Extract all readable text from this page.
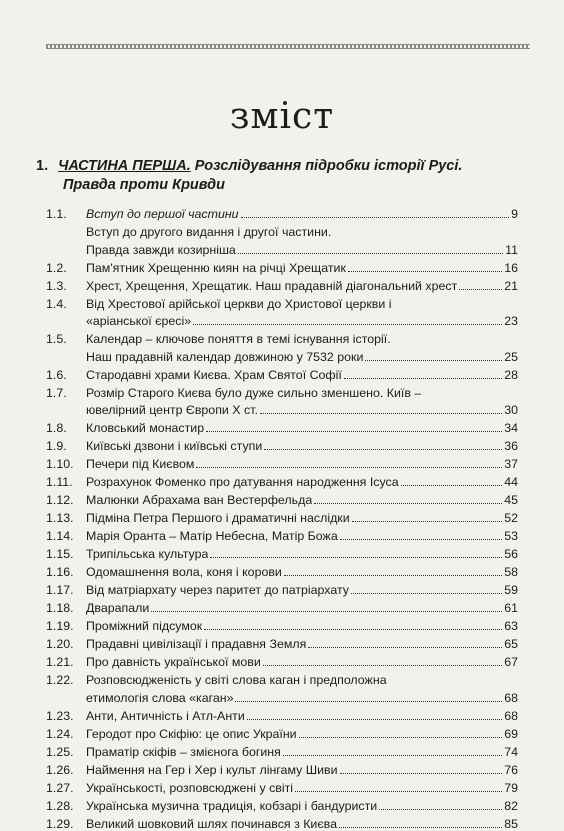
зміст
1. ЧАСТИНА ПЕРША. Розслідування підробки історії Русі.
Правда проти Кривди
1.1. Вступ до першої частини	9
Вступ до другого видання і другої частини.
Правда завжди козирніша	11
1.2. Пам'ятник Хрещенню киян на річці Хрещатик	16
1.3. Хрест, Хрещення, Хрещатик. Наш прадавній діагональний хрест	21
1.4. Від Хрестової арійської церкви до Христової церкви і
«аріанської єресі»	23
1.5. Календар – ключове поняття в темі існування історії.
Наш прадавній календар довжиною у 7532 роки	25
1.6. Стародавні храми Києва. Храм Святої Софії	28
1.7. Розмір Старого Києва було дуже сильно зменшено. Київ –
ювелірний центр Європи X ст.	30
1.8. Кловський монастир	34
1.9. Київські дзвони і київські ступи	36
1.10. Печери під Києвом	37
1.11. Розрахунок Фоменко про датування народження Ісуса	44
1.12. Малюнки Абрахама ван Вестерфельда	45
1.13. Підміна Петра Першого і драматичні наслідки	52
1.14. Марія Оранта – Матір Небесна, Матір Божа	53
1.15. Трипільська культура	56
1.16. Одомашнення вола, коня і корови	58
1.17. Від матріархату через паритет до патріархату	59
1.18. Дварапали	61
1.19. Проміжний підсумок	63
1.20. Прадавні цивілізації і прадавня Земля	65
1.21. Про давність української мови	67
1.22. Розповсюдженість у світі слова каган і предположна
етимологія слова «каган»	68
1.23. Анти, Античність і Атл-Анти	68
1.24. Геродот про Скіфію: це опис України	69
1.25. Праматір скіфів – змієнога богиня	74
1.26. Наймення на Гер і Хер і культ лінгаму Шиви	76
1.27. Українськості, розповсюджені у світі	79
1.28. Українська музична традиція, кобзарі і бандуристи	82
1.29. Великий шовковий шлях починався з Києва	85
